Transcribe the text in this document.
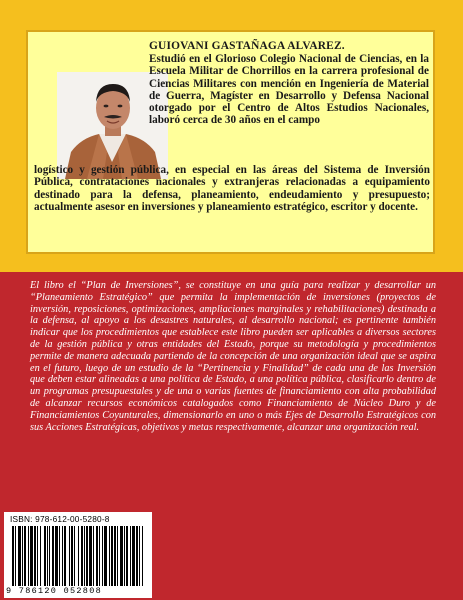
GUIOVANI GASTAÑAGA ALVAREZ.
Estudió en el Glorioso Colegio Nacional de Ciencias, en la Escuela Militar de Chorrillos en la carrera profesional de Ciencias Militares con mención en Ingeniería de Material de Guerra, Magíster en Desarrollo y Defensa Nacional otorgado por el Centro de Altos Estudios Nacionales, laboró cerca de 30 años en el campo
logístico y gestión pública, en especial en las áreas del Sistema de Inversión Pública, contrataciones nacionales y extranjeras relacionadas a equipamiento destinado para la defensa, planeamiento, endeudamiento y presupuesto; actualmente asesor en inversiones y planeamiento estratégico, escritor y docente.
El libro el “Plan de Inversiones”, se constituye en una guía para realizar y desarrollar un “Planeamiento Estratégico” que permita la implementación de inversiones (proyectos de inversión, reposiciones, optimizaciones, ampliaciones marginales y rehabilitaciones) destinada a la defensa, al apoyo a los desastres naturales, al desarrollo nacional; es pertinente también indicar que los procedimientos que establece este libro pueden ser aplicables a diversos sectores de la gestión pública y otras entidades del Estado, porque su metodología y procedimientos permite de manera adecuada partiendo de la concepción de una organización ideal que se aspira en el futuro, luego de un estudio de la “Pertinencia y Finalidad” de cada una de las Inversión que deben estar alineadas a una política de Estado, a una política pública, clasificarlo dentro de un programas presupuestales y de una o varias fuentes de financiamiento con alta probabilidad de alcanzar recursos económicos catalogados como Financiamiento de Núcleo Duro y de Financiamientos Coyunturales, dimensionarlo en uno o más Ejes de Desarrollo Estratégicos con sus Acciones Estratégicas, objetivos y metas respectivamente, alcanzar una organización real.
ISBN: 978-612-00-5280-8
9 786120 052808
